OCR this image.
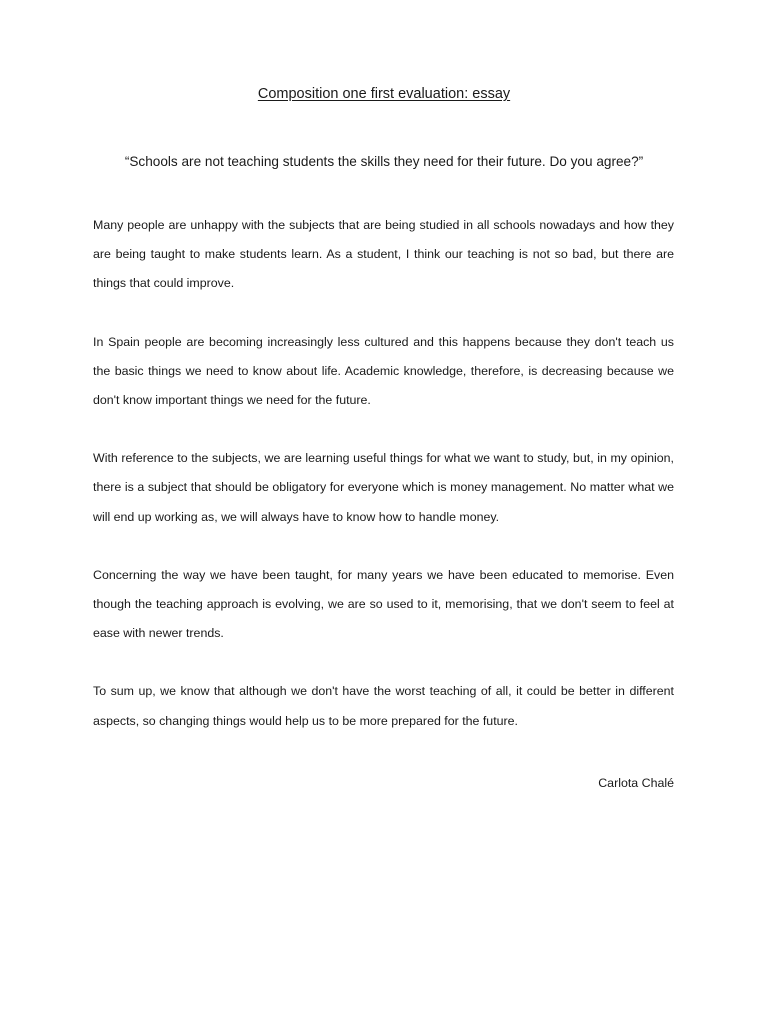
Composition one first evaluation: essay

“Schools are not teaching students the skills they need for their future. Do you agree?”

Many people are unhappy with the subjects that are being studied in all schools nowadays and how they are being taught to make students learn. As a student, I think our teaching is not so bad, but there are things that could improve.

In Spain people are becoming increasingly less cultured and this happens because they don't teach us the basic things we need to know about life. Academic knowledge, therefore, is decreasing because we don't know important things we need for the future.

With reference to the subjects, we are learning useful things for what we want to study, but, in my opinion, there is a subject that should be obligatory for everyone which is money management. No matter what we will end up working as, we will always have to know how to handle money.

Concerning the way we have been taught, for many years we have been educated to memorise. Even though the teaching approach is evolving, we are so used to it, memorising, that we don't seem to feel at ease with newer trends.

To sum up, we know that although we don't have the worst teaching of all, it could be better in different aspects, so changing things would help us to be more prepared for the future.

Carlota Chalé
